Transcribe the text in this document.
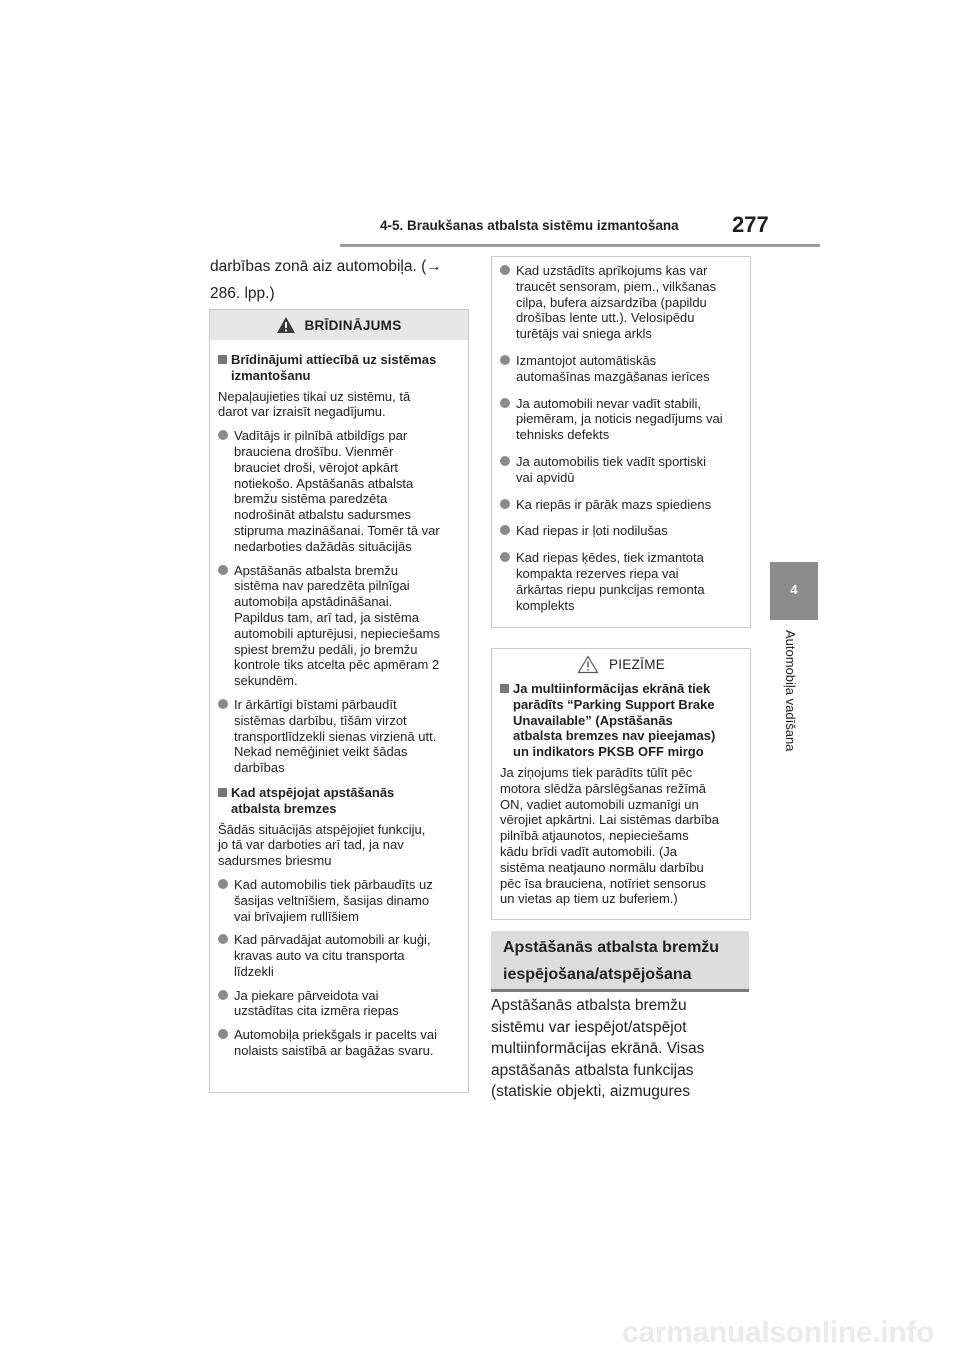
4-5. Braukšanas atbalsta sistēmu izmantošana 277
4
Automobiļa vadīšana
darbības zonā aiz automobiļa. (→
286. lpp.)
BRĪDINĀJUMS
Brīdinājumi attiecībā uz sistēmas
izmantošanu
Nepaļaujieties tikai uz sistēmu, tā
darot var izraisīt negadījumu.
Vadītājs ir pilnībā atbildīgs par
brauciena drošību. Vienmēr
brauciet droši, vērojot apkārt
notiekošo. Apstāšanās atbalsta
bremžu sistēma paredzēta
nodrošināt atbalstu sadursmes
stipruma mazināšanai. Tomēr tā var
nedarboties dažādās situācijās
Apstāšanās atbalsta bremžu
sistēma nav paredzēta pilnīgai
automobiļa apstādināšanai.
Papildus tam, arī tad, ja sistēma
automobili apturējusi, nepieciešams
spiest bremžu pedāli, jo bremžu
kontrole tiks atcelta pēc apmēram 2
sekundēm.
Ir ārkārtīgi bīstami pārbaudīt
sistēmas darbību, tīšām virzot
transportlīdzekli sienas virzienā utt.
Nekad nemēģiniet veikt šādas
darbības
Kad atspējojat apstāšanās
atbalsta bremzes
Šādās situācijās atspējojiet funkciju,
jo tā var darboties arī tad, ja nav
sadursmes briesmu
Kad automobilis tiek pārbaudīts uz
šasijas veltnīšiem, šasijas dinamo
vai brīvajiem rullīšiem
Kad pārvadājat automobili ar kuģi,
kravas auto va citu transporta
līdzekli
Ja piekare pārveidota vai
uzstādītas cita izmēra riepas
Automobiļa priekšgals ir pacelts vai
nolaists saistībā ar bagāžas svaru.
Kad uzstādīts aprīkojums kas var
traucēt sensoram, piem., vilkšanas
cilpa, bufera aizsardzība (papildu
drošības lente utt.). Velosipēdu
turētājs vai sniega arkls
Izmantojot automātiskās
automašīnas mazgāšanas ierīces
Ja automobili nevar vadīt stabili,
piemēram, ja noticis negadījums vai
tehnisks defekts
Ja automobilis tiek vadīt sportiski
vai apvidū
Ka riepās ir pārāk mazs spiediens
Kad riepas ir ļoti nodilušas
Kad riepas ķēdes, tiek izmantota
kompakta rezerves riepa vai
ārkārtas riepu punkcijas remonta
komplekts
PIEZĪME
Ja multiinformācijas ekrānā tiek
parādīts “Parking Support Brake
Unavailable” (Apstāšanās
atbalsta bremzes nav pieejamas)
un indikators PKSB OFF mirgo
Ja ziņojums tiek parādīts tūlīt pēc
motora slēdža pārslēgšanas režīmā
ON, vadiet automobili uzmanīgi un
vērojiet apkārtni. Lai sistēmas darbība
pilnībā atjaunotos, nepieciešams
kādu brīdi vadīt automobili. (Ja
sistēma neatjauno normālu darbību
pēc īsa brauciena, notīriet sensorus
un vietas ap tiem uz buferiem.)
Apstāšanās atbalsta bremžu
iespējošana/atspējošana
Apstāšanās atbalsta bremžu
sistēmu var iespējot/atspējot
multiinformācijas ekrānā. Visas
apstāšanās atbalsta funkcijas
(statiskie objekti, aizmugures
carmanualsonline.info
